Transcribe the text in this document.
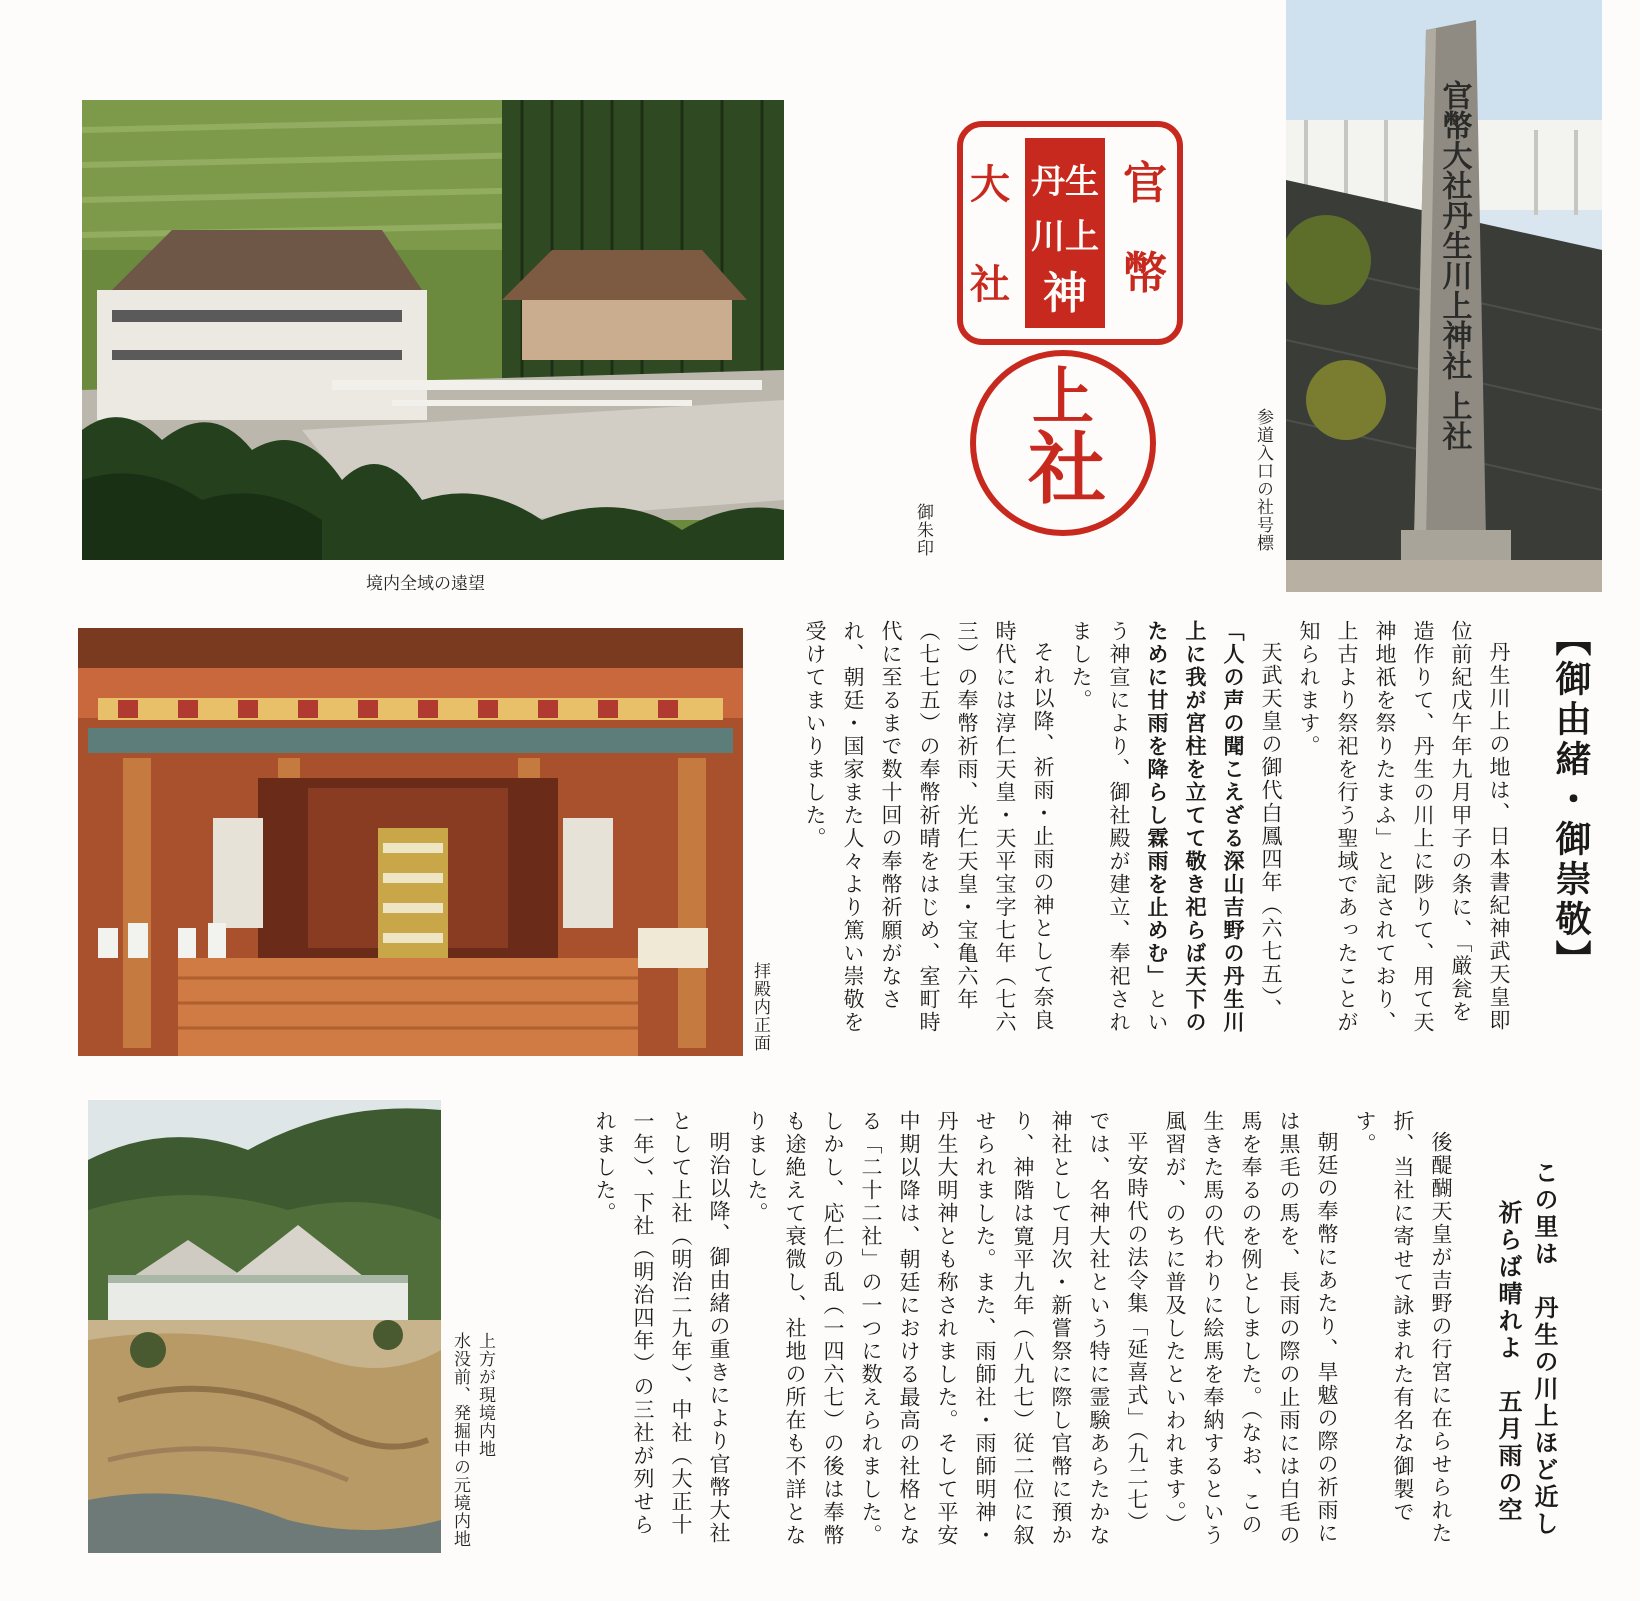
境内全域の遠望
官
幣
丹生
川上
神
大
社
上
社
御朱印
官幣大社丹生川上神社 上社
参道入口の社号標
拝殿内正面
上方が現境内地
水没前、発掘中の元境内地
【御由緒・御崇敬】

丹生川上の地は、日本書紀神武天皇即位前紀戊午年九月甲子の条に、「厳瓮を造作りて、丹生の川上に陟りて、用て天神地祇を祭りたまふ」と記されており、上古より祭祀を行う聖域であったことが知られます。

天武天皇の御代白鳳四年（六七五）、「人の声の聞こえざる深山吉野の丹生川上に我が宮柱を立てて敬き祀らば天下のために甘雨を降らし霖雨を止めむ」という神宣により、御社殿が建立、奉祀されました。

それ以降、祈雨・止雨の神として奈良時代には淳仁天皇・天平宝字七年（七六三）の奉幣祈雨、光仁天皇・宝亀六年（七七五）の奉幣祈晴をはじめ、室町時代に至るまで数十回の奉幣祈願がなされ、朝廷・国家また人々より篤い崇敬を受けてまいりました。

この里は　丹生の川上ほど近し
祈らば晴れよ　五月雨の空

後醍醐天皇が吉野の行宮に在らせられた折、当社に寄せて詠まれた有名な御製です。

朝廷の奉幣にあたり、旱魃の際の祈雨には黒毛の馬を、長雨の際の止雨には白毛の馬を奉るのを例としました。（なお、この生きた馬の代わりに絵馬を奉納するという風習が、のちに普及したといわれます。）

平安時代の法令集「延喜式」（九二七）では、名神大社という特に霊験あらたかな神社として月次・新嘗祭に際し官幣に預かり、神階は寛平九年（八九七）従二位に叙せられました。また、雨師社・雨師明神・丹生大明神とも称されました。そして平安中期以降は、朝廷における最高の社格となる「二十二社」の一つに数えられました。しかし、応仁の乱（一四六七）の後は奉幣も途絶えて衰微し、社地の所在も不詳となりました。

明治以降、御由緒の重きにより官幣大社として上社（明治二九年）、中社（大正十一年）、下社（明治四年）の三社が列せられました。
